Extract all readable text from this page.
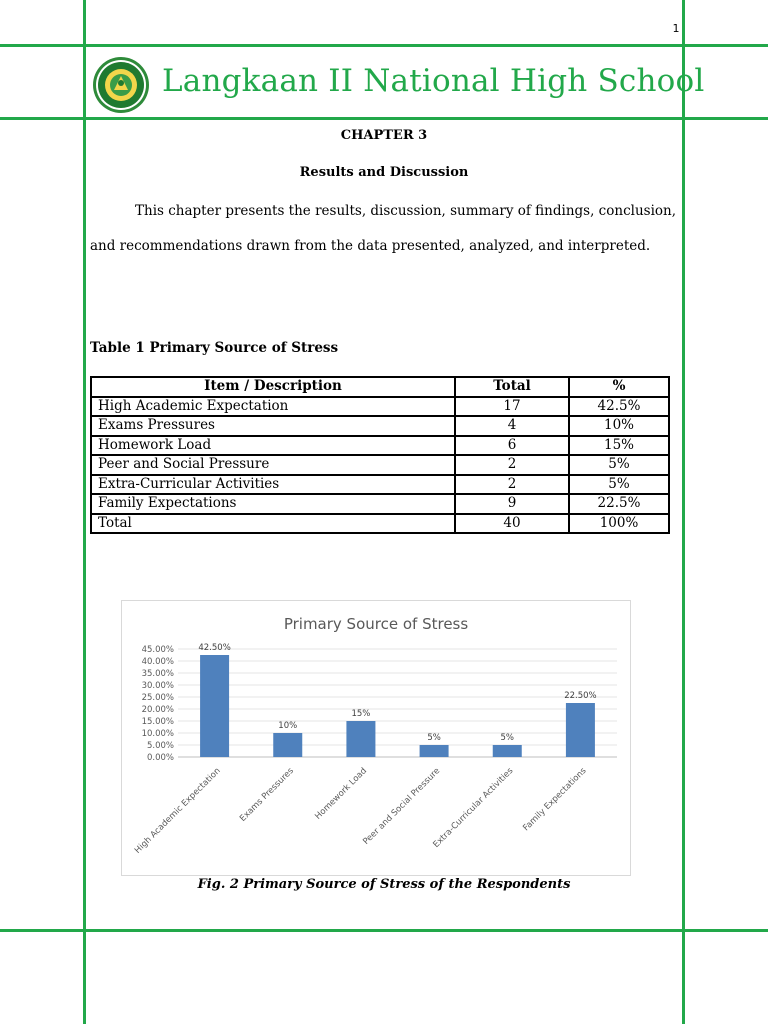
1
Langkaan II National High School
CHAPTER 3
Results and Discussion

This chapter presents the results, discussion, summary of findings, conclusion, and recommendations drawn from the data presented, analyzed, and interpreted.

Table 1 Primary Source of Stress
Item / Description	Total	%
High Academic Expectation	17	42.5%
Exams Pressures	4	10%
Homework Load	6	15%
Peer and Social Pressure	2	5%
Extra-Curricular Activities	2	5%
Family Expectations	9	22.5%
Total	40	100%
Primary Source of Stress
0.00%
5.00%
10.00%
15.00%
20.00%
25.00%
30.00%
35.00%
40.00%
45.00%	42.50%
High Academic Expectation
10%
Exams Pressures
15%
Homework Load
5%
Peer and Social Pressure
5%
Extra-Curricular Activities
22.50%
Family Expectations
Fig. 2 Primary Source of Stress of the Respondents
